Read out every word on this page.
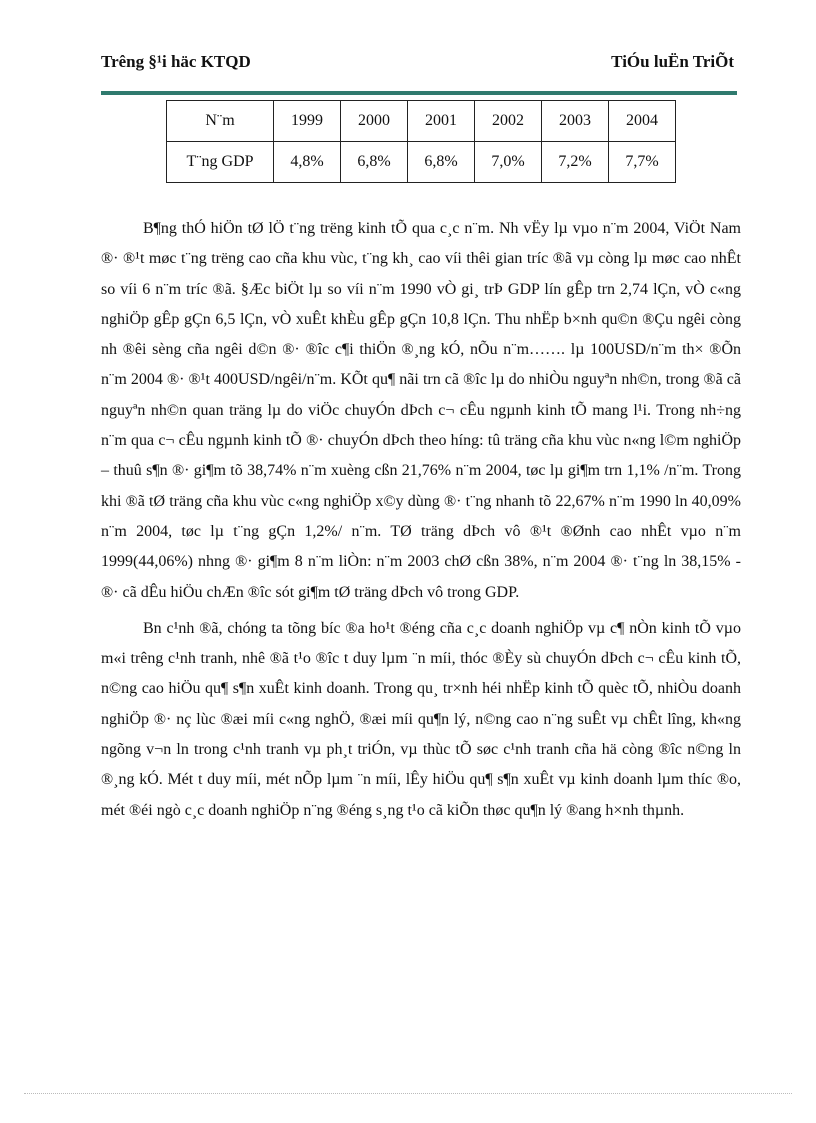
Trêng §¹i häc KTQD	TiÓu luËn TriÕt
N¨m	1999	2000	2001	2002	2003	2004
T¨ng GDP	4,8%	6,8%	6,8%	7,0%	7,2%	7,7%

B¶ng thÓ hiÖn tØ lÖ t¨ng trëng kinh tÕ qua c¸c n¨m. Nh vËy lµ vµo n¨m 2004, ViÖt Nam ®· ®¹t møc t¨ng trëng cao cña khu vùc, t¨ng kh¸ cao víi thêi gian tríc ®ã vµ còng lµ møc cao nhÊt so víi 6 n¨m tríc ®ã. §Æc biÖt lµ so víi n¨m 1990 vÒ gi¸ trÞ GDP lín gÊp trn 2,74 lÇn, vÒ c«ng nghiÖp gÊp gÇn 6,5 lÇn, vÒ xuÊt khÈu gÊp gÇn 10,8 lÇn. Thu nhËp b×nh qu©n ®Çu ngêi còng nh ®êi sèng cña ngêi d©n ®· ®îc c¶i thiÖn ®¸ng kÓ, nÕu n¨m……. lµ 100USD/n¨m th× ®Õn n¨m 2004 ®· ®¹t 400USD/ngêi/n¨m. KÕt qu¶ nãi trn cã ®îc lµ do nhiÒu nguyªn nh©n, trong ®ã cã nguyªn nh©n quan träng lµ do viÖc chuyÓn dÞch c¬ cÊu ngµnh kinh tÕ mang l¹i. Trong nh÷ng n¨m qua c¬ cÊu ngµnh kinh tÕ ®· chuyÓn dÞch theo híng: tû träng cña khu vùc n«ng l©m nghiÖp – thuû s¶n ®· gi¶m tõ 38,74% n¨m xuèng cßn 21,76% n¨m 2004, tøc lµ gi¶m trn 1,1% /n¨m. Trong khi ®ã tØ träng cña khu vùc c«ng nghiÖp x©y dùng ®· t¨ng nhanh tõ 22,67% n¨m 1990 ln 40,09% n¨m 2004, tøc lµ t¨ng gÇn 1,2%/ n¨m. TØ träng dÞch vô ®¹t ®Ønh cao nhÊt vµo n¨m 1999(44,06%) nhng ®· gi¶m 8 n¨m liÒn: n¨m 2003 chØ cßn 38%, n¨m 2004 ®· t¨ng ln 38,15% - ®· cã dÊu hiÖu chÆn ®îc sót gi¶m tØ träng dÞch vô trong GDP.

Bn c¹nh ®ã, chóng ta tõng bíc ®a ho¹t ®éng cña c¸c doanh nghiÖp vµ c¶ nÒn kinh tÕ vµo m«i trêng c¹nh tranh, nhê ®ã t¹o ®îc t duy lµm ¨n míi, thóc ®Èy sù chuyÓn dÞch c¬ cÊu kinh tÕ, n©ng cao hiÖu qu¶ s¶n xuÊt kinh doanh. Trong qu¸ tr×nh héi nhËp kinh tÕ quèc tÕ, nhiÒu doanh nghiÖp ®· nç lùc ®æi míi c«ng nghÖ, ®æi míi qu¶n lý, n©ng cao n¨ng suÊt vµ chÊt lîng, kh«ng ngõng v¬n ln trong c¹nh tranh vµ ph¸t triÓn, vµ thùc tÕ søc c¹nh tranh cña hä còng ®îc n©ng ln ®¸ng kÓ. Mét t duy míi, mét nÕp lµm ¨n míi, lÊy hiÖu qu¶ s¶n xuÊt vµ kinh doanh lµm thíc ®o, mét ®éi ngò c¸c doanh nghiÖp n¨ng ®éng s¸ng t¹o cã kiÕn thøc qu¶n lý ®ang h×nh thµnh.
